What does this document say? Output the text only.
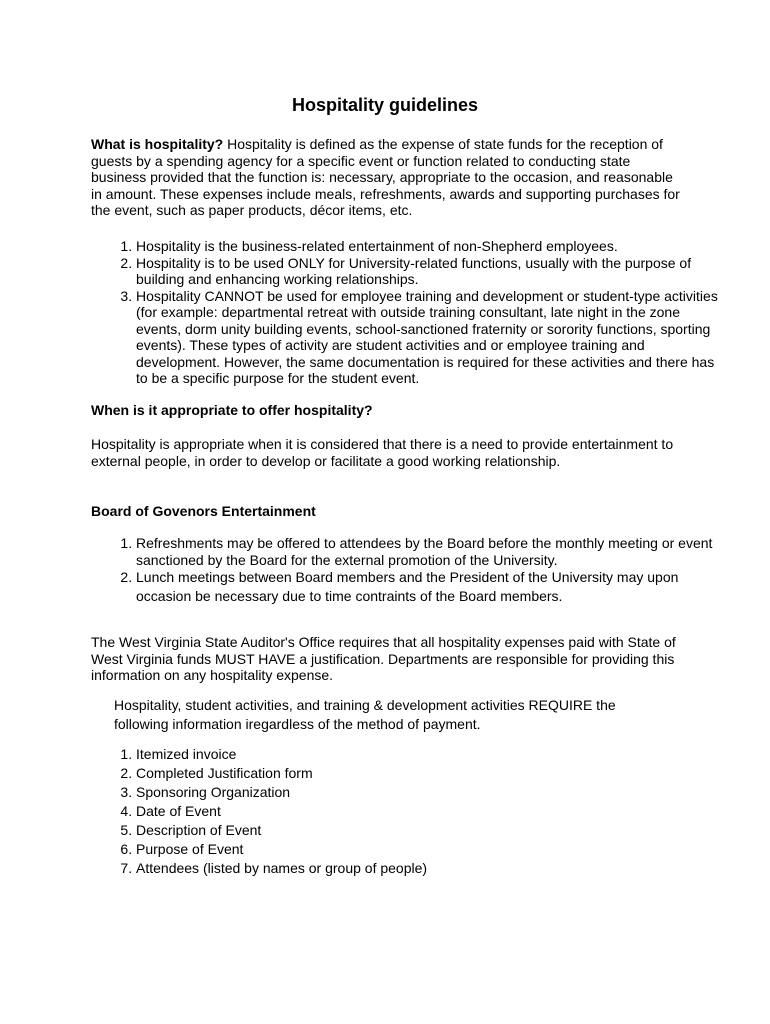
Hospitality guidelines

What is hospitality? Hospitality is defined as the expense of state funds for the reception of guests by a spending agency for a specific event or function related to conducting state business provided that the function is: necessary, appropriate to the occasion, and reasonable in amount. These expenses include meals, refreshments, awards and supporting purchases for the event, such as paper products, décor items, etc.

1. Hospitality is the business-related entertainment of non-Shepherd employees.
2. Hospitality is to be used ONLY for University-related functions, usually with the purpose of building and enhancing working relationships.
3. Hospitality CANNOT be used for employee training and development or student-type activities (for example: departmental retreat with outside training consultant, late night in the zone events, dorm unity building events, school-sanctioned fraternity or sorority functions, sporting events). These types of activity are student activities and or employee training and development. However, the same documentation is required for these activities and there has to be a specific purpose for the student event.

When is it appropriate to offer hospitality?

Hospitality is appropriate when it is considered that there is a need to provide entertainment to external people, in order to develop or facilitate a good working relationship.

Board of Govenors Entertainment

1. Refreshments may be offered to attendees by the Board before the monthly meeting or event sanctioned by the Board for the external promotion of the University.
2. Lunch meetings between Board members and the President of the University may upon occasion be necessary due to time contraints of the Board members.

The West Virginia State Auditor's Office requires that all hospitality expenses paid with State of West Virginia funds MUST HAVE a justification. Departments are responsible for providing this information on any hospitality expense.

Hospitality, student activities, and training & development activities REQUIRE the following information iregardless of the method of payment.

1. Itemized invoice
2. Completed Justification form
3. Sponsoring Organization
4. Date of Event
5. Description of Event
6. Purpose of Event
7. Attendees (listed by names or group of people)
